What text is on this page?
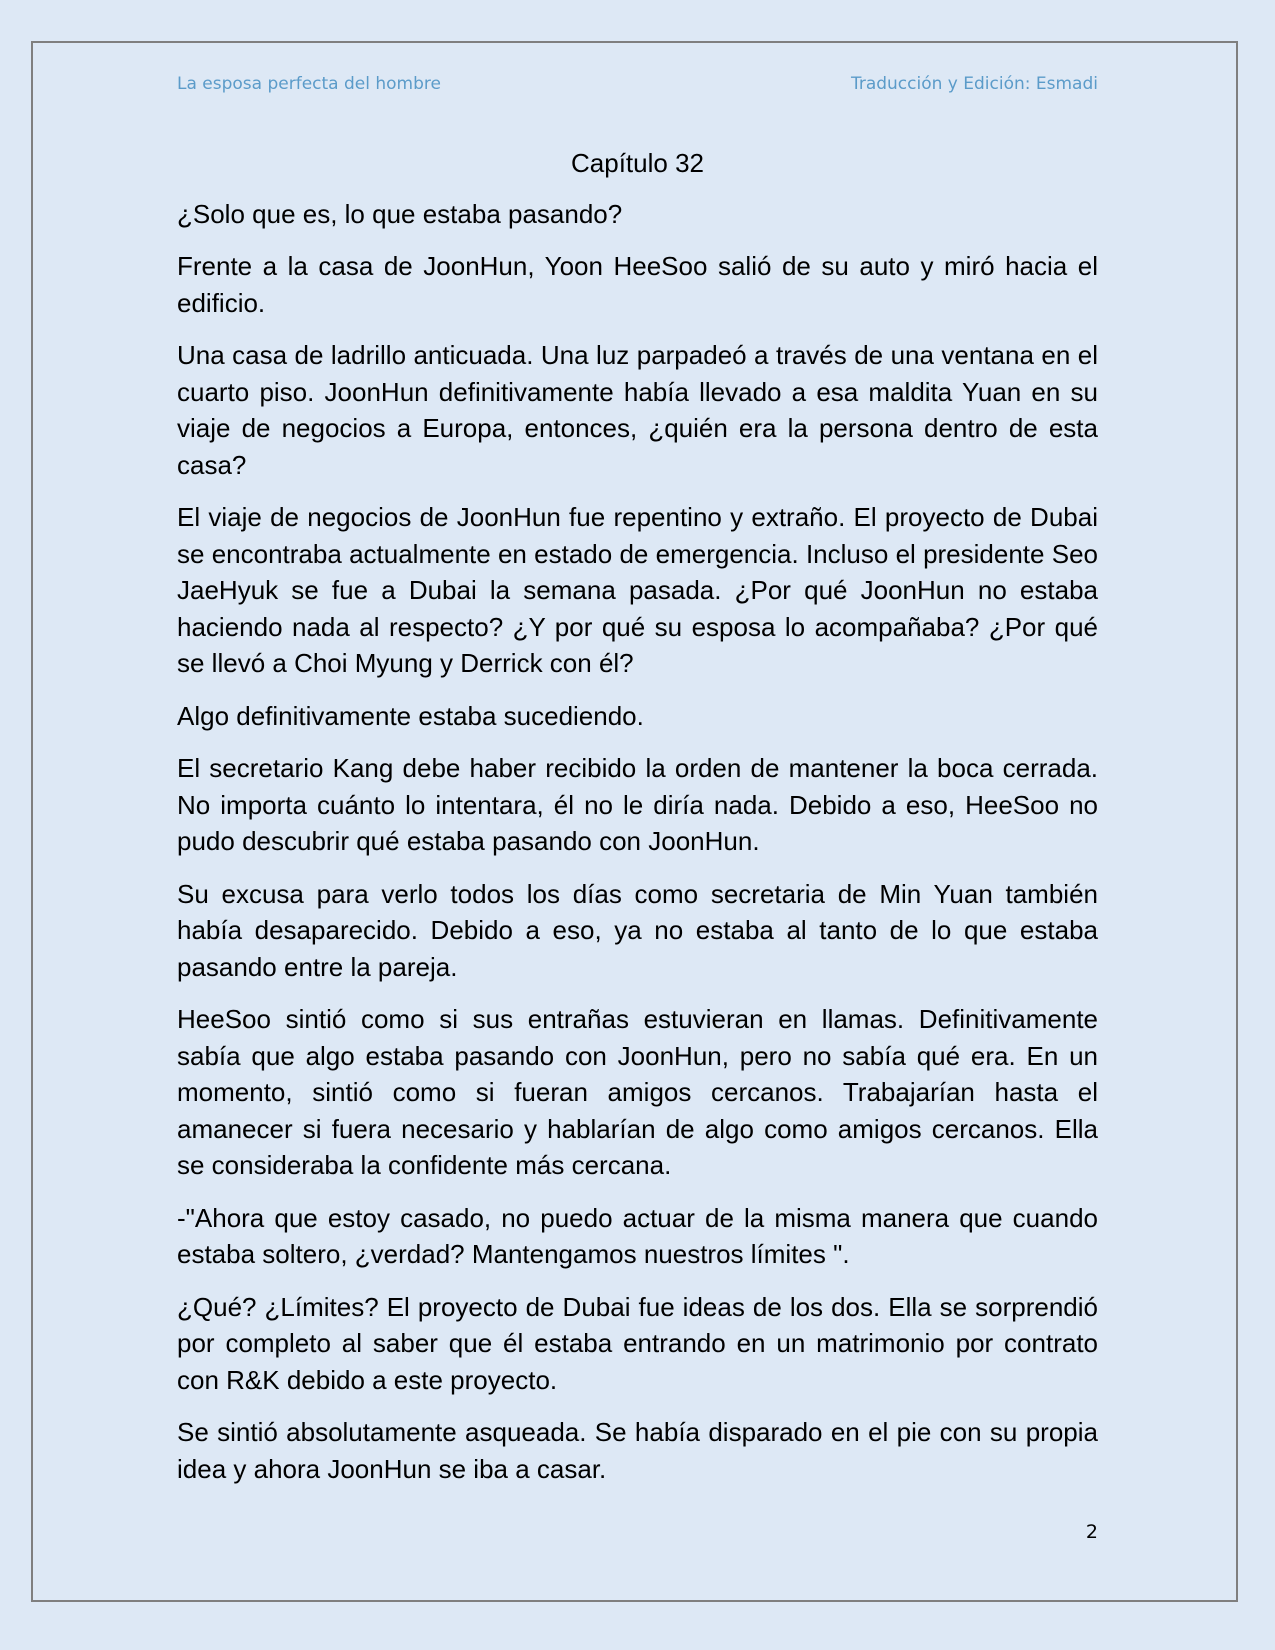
La esposa perfecta del hombre	Traducción y Edición: Esmadi
Capítulo 32

¿Solo que es, lo que estaba pasando?

Frente a la casa de JoonHun, Yoon HeeSoo salió de su auto y miró hacia el edificio.

Una casa de ladrillo anticuada. Una luz parpadeó a través de una ventana en el cuarto piso. JoonHun definitivamente había llevado a esa maldita Yuan en su viaje de negocios a Europa, entonces, ¿quién era la persona dentro de esta casa?

El viaje de negocios de JoonHun fue repentino y extraño. El proyecto de Dubai se encontraba actualmente en estado de emergencia. Incluso el presidente Seo JaeHyuk se fue a Dubai la semana pasada. ¿Por qué JoonHun no estaba haciendo nada al respecto? ¿Y por qué su esposa lo acompañaba? ¿Por qué se llevó a Choi Myung y Derrick con él?

Algo definitivamente estaba sucediendo.

El secretario Kang debe haber recibido la orden de mantener la boca cerrada. No importa cuánto lo intentara, él no le diría nada. Debido a eso, HeeSoo no pudo descubrir qué estaba pasando con JoonHun.

Su excusa para verlo todos los días como secretaria de Min Yuan también había desaparecido. Debido a eso, ya no estaba al tanto de lo que estaba pasando entre la pareja.

HeeSoo sintió como si sus entrañas estuvieran en llamas. Definitivamente sabía que algo estaba pasando con JoonHun, pero no sabía qué era. En un momento, sintió como si fueran amigos cercanos. Trabajarían hasta el amanecer si fuera necesario y hablarían de algo como amigos cercanos. Ella se consideraba la confidente más cercana.

-"Ahora que estoy casado, no puedo actuar de la misma manera que cuando estaba soltero, ¿verdad? Mantengamos nuestros límites ".

¿Qué? ¿Límites? El proyecto de Dubai fue ideas de los dos. Ella se sorprendió por completo al saber que él estaba entrando en un matrimonio por contrato con R&K debido a este proyecto.

Se sintió absolutamente asqueada. Se había disparado en el pie con su propia idea y ahora JoonHun se iba a casar.

2
